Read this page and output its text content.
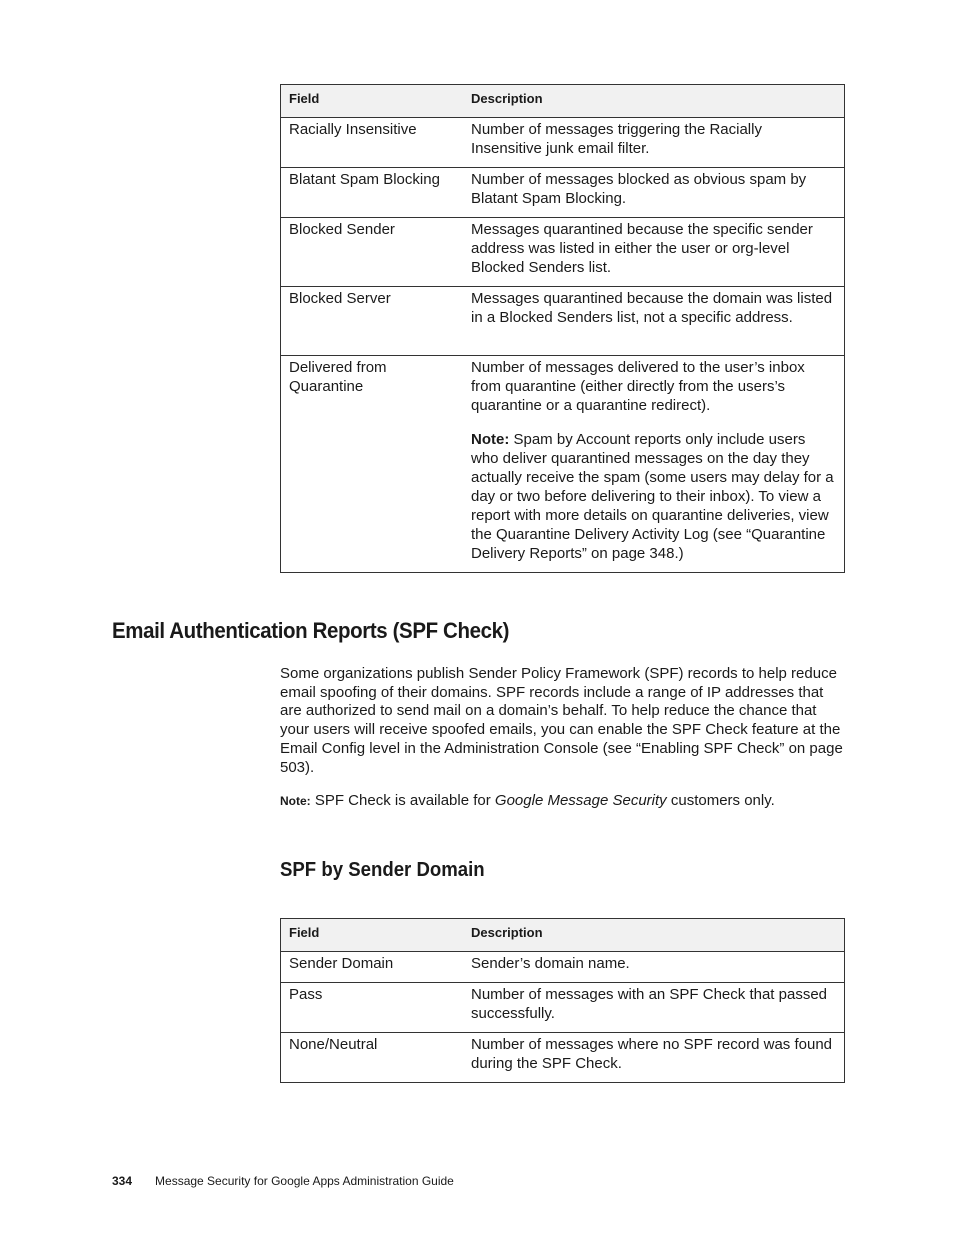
Field	Description
Racially Insensitive	Number of messages triggering the Racially Insensitive junk email filter.
Blatant Spam Blocking	Number of messages blocked as obvious spam by Blatant Spam Blocking.
Blocked Sender	Messages quarantined because the specific sender address was listed in either the user or org-level Blocked Senders list.
Blocked Server	Messages quarantined because the domain was listed in a Blocked Senders list, not a specific address.
Delivered from Quarantine	Number of messages delivered to the user’s inbox from quarantine (either directly from the users’s quarantine or a quarantine redirect).
Note: Spam by Account reports only include users who deliver quarantined messages on the day they actually receive the spam (some users may delay for a day or two before delivering to their inbox). To view a report with more details on quarantine deliveries, view the Quarantine Delivery Activity Log (see “Quarantine Delivery Reports” on page 348.)
Email Authentication Reports (SPF Check)

Some organizations publish Sender Policy Framework (SPF) records to help reduce email spoofing of their domains. SPF records include a range of IP addresses that are authorized to send mail on a domain’s behalf. To help reduce the chance that your users will receive spoofed emails, you can enable the SPF Check feature at the Email Config level in the Administration Console (see “Enabling SPF Check” on page 503).

Note: SPF Check is available for Google Message Security customers only.

SPF by Sender Domain
Field	Description
Sender Domain	Sender’s domain name.
Pass	Number of messages with an SPF Check that passed successfully.
None/Neutral	Number of messages where no SPF record was found during the SPF Check.
334 Message Security for Google Apps Administration Guide
